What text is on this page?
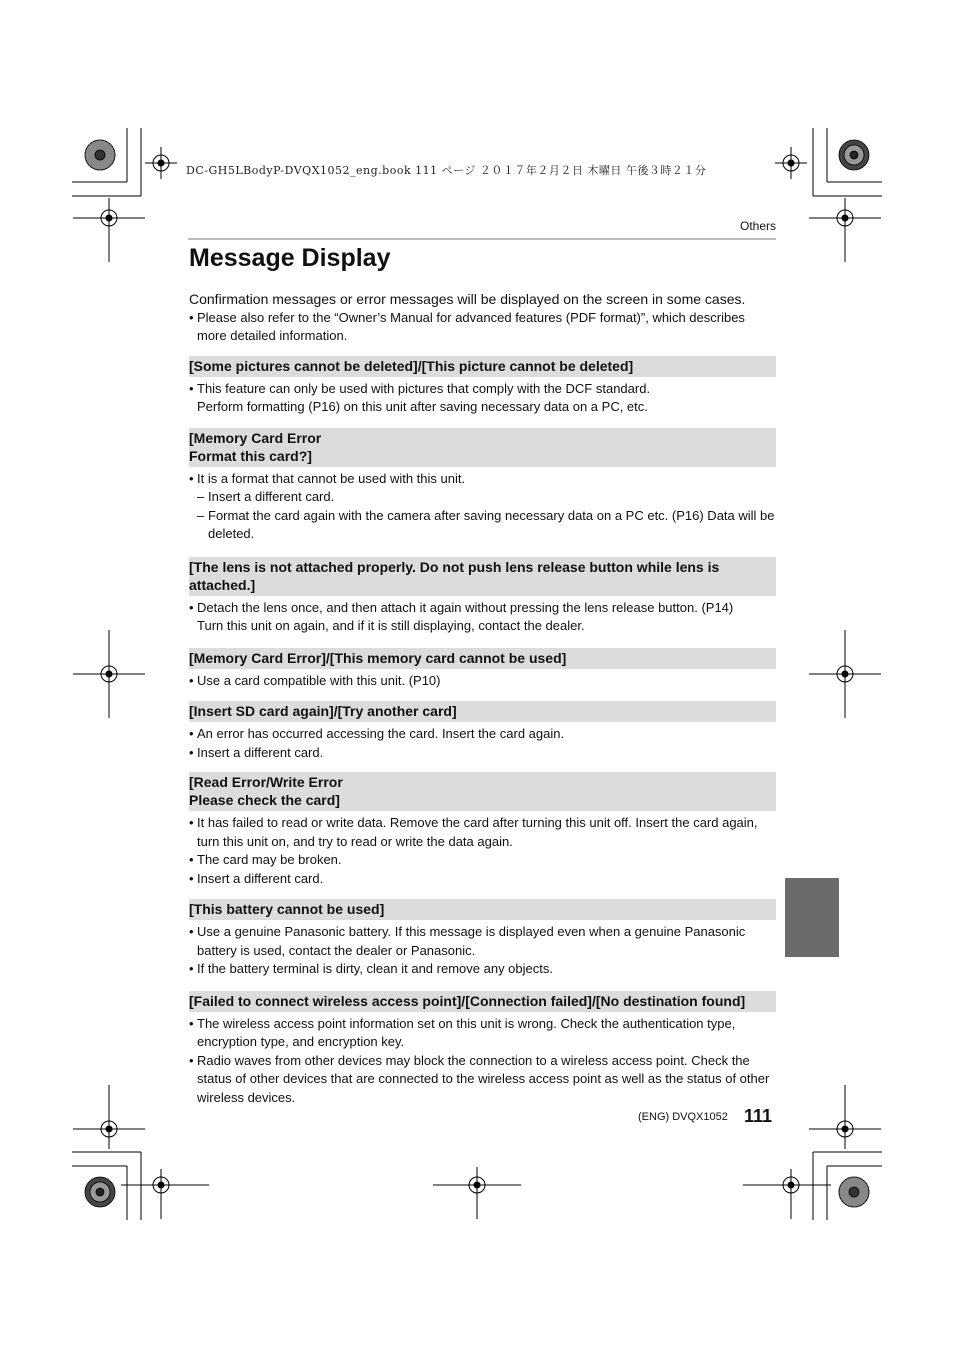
DC-GH5LBodyP-DVQX1052_eng.book 111 ページ ２０１７年２月２日 木曜日 午後３時２１分
Others
Message Display

Confirmation messages or error messages will be displayed on the screen in some cases.

• Please also refer to the “Owner’s Manual for advanced features (PDF format)”, which describes more detailed information.

[Some pictures cannot be deleted]/[This picture cannot be deleted]

• This feature can only be used with pictures that comply with the DCF standard.

Perform formatting (P16) on this unit after saving necessary data on a PC, etc.

[Memory Card Error
Format this card?]

• It is a format that cannot be used with this unit.

– Insert a different card.

– Format the card again with the camera after saving necessary data on a PC etc. (P16) Data will be deleted.

[The lens is not attached properly. Do not push lens release button while lens is attached.]

• Detach the lens once, and then attach it again without pressing the lens release button. (P14)

Turn this unit on again, and if it is still displaying, contact the dealer.

[Memory Card Error]/[This memory card cannot be used]

• Use a card compatible with this unit. (P10)

[Insert SD card again]/[Try another card]

• An error has occurred accessing the card. Insert the card again.

• Insert a different card.

[Read Error/Write Error
Please check the card]

• It has failed to read or write data. Remove the card after turning this unit off. Insert the card again, turn this unit on, and try to read or write the data again.

• The card may be broken.

• Insert a different card.

[This battery cannot be used]

• Use a genuine Panasonic battery. If this message is displayed even when a genuine Panasonic battery is used, contact the dealer or Panasonic.

• If the battery terminal is dirty, clean it and remove any objects.

[Failed to connect wireless access point]/[Connection failed]/[No destination found]

• The wireless access point information set on this unit is wrong. Check the authentication type, encryption type, and encryption key.

• Radio waves from other devices may block the connection to a wireless access point. Check the status of other devices that are connected to the wireless access point as well as the status of other wireless devices.

(ENG) DVQX1052 111
